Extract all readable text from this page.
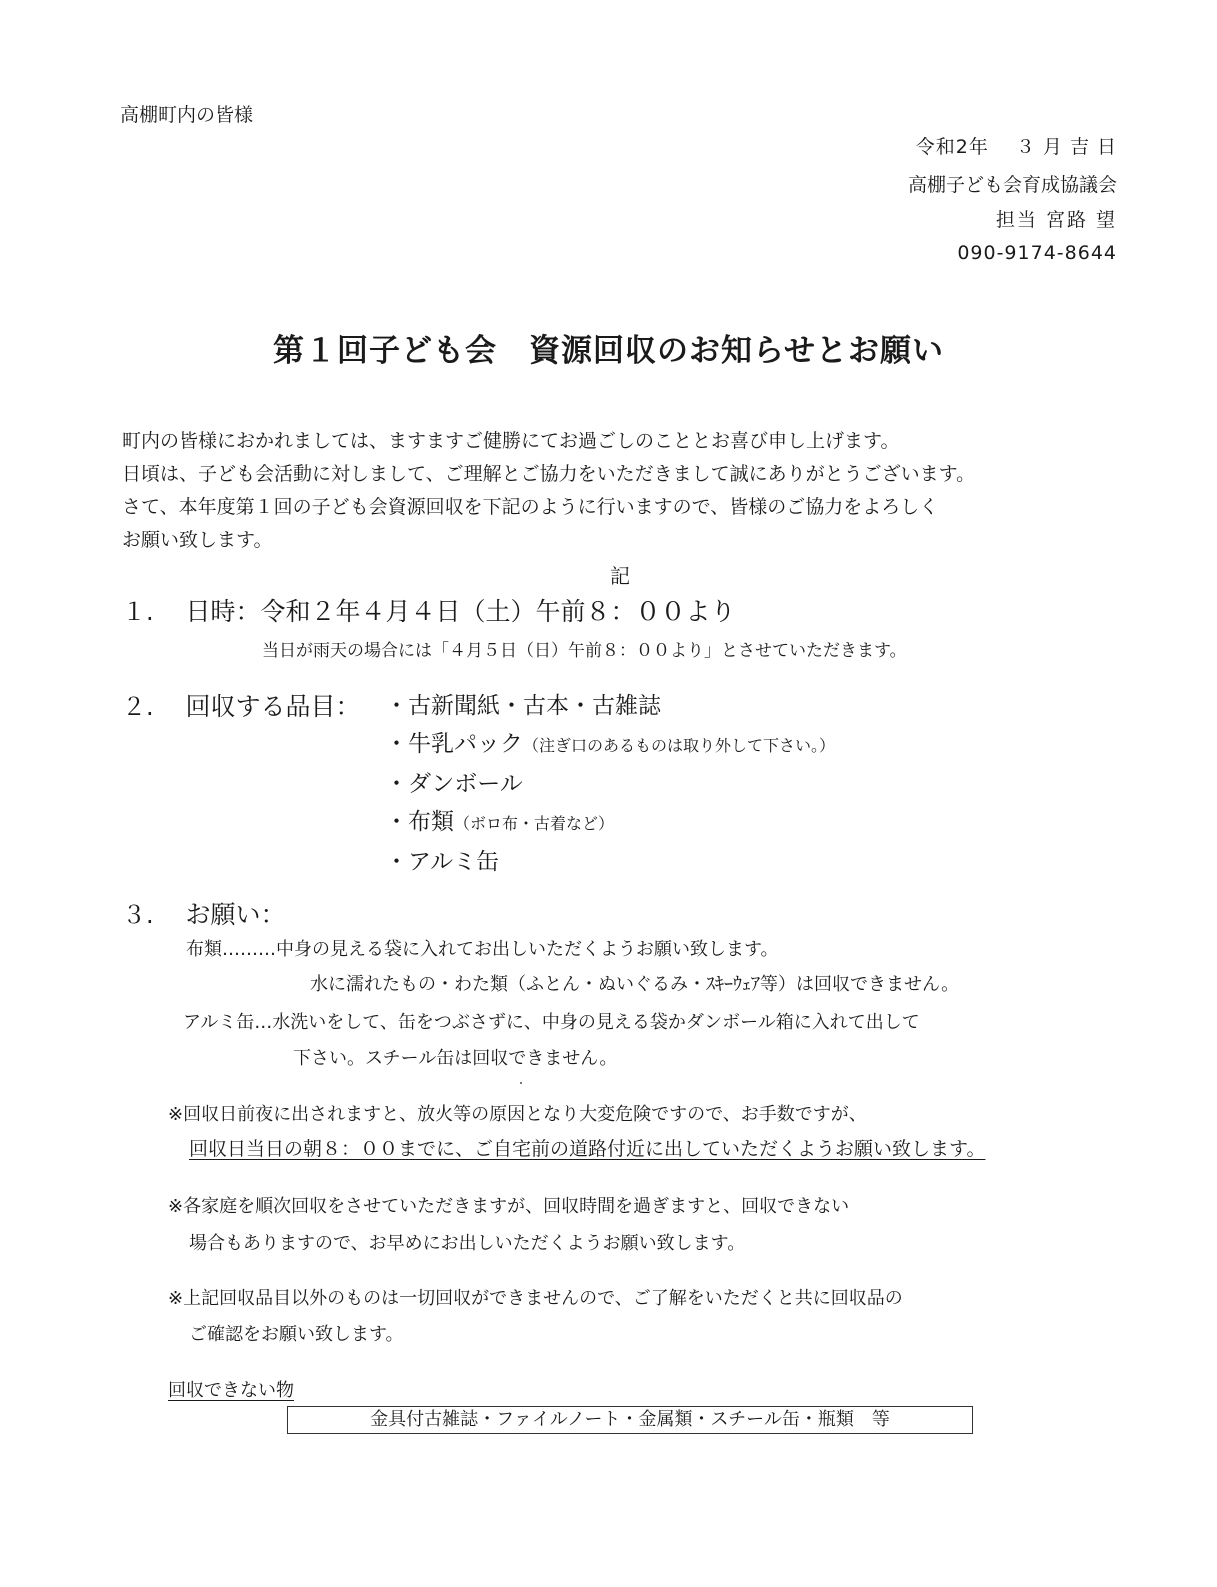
高棚町内の皆様
令和2年　 ３ 月 吉 日
高棚子ども会育成協議会
担当 宮路 望
090-9174-8644
第１回子ども会　資源回収のお知らせとお願い
町内の皆様におかれましては、ますますご健勝にてお過ごしのこととお喜び申し上げます。
日頃は、子ども会活動に対しまして、ご理解とご協力をいただきまして誠にありがとうございます。
さて、本年度第１回の子ども会資源回収を下記のように行いますので、皆様のご協力をよろしく
お願い致します。
記
１. 日時：令和２年４月４日（土）午前８：００より
当日が雨天の場合には「４月５日（日）午前８：００より」とさせていただきます。
２. 回収する品目： ・古新聞紙・古本・古雑誌
・牛乳パック（注ぎ口のあるものは取り外して下さい。）
・ダンボール
・布類（ボロ布・古着など）
・アルミ缶
３. お願い：
布類………中身の見える袋に入れてお出しいただくようお願い致します。
水に濡れたもの・わた類（ふとん・ぬいぐるみ・ｽｷｰｳｪｱ等）は回収できません。
アルミ缶…水洗いをして、缶をつぶさずに、中身の見える袋かダンボール箱に入れて出して
下さい。スチール缶は回収できません。
※回収日前夜に出されますと、放火等の原因となり大変危険ですので、お手数ですが、
回収日当日の朝８：００までに、ご自宅前の道路付近に出していただくようお願い致します。
※各家庭を順次回収をさせていただきますが、回収時間を過ぎますと、回収できない
場合もありますので、お早めにお出しいただくようお願い致します。
※上記回収品目以外のものは一切回収ができませんので、ご了解をいただくと共に回収品の
ご確認をお願い致します。
回収できない物
金具付古雑誌・ファイルノート・金属類・スチール缶・瓶類　等
